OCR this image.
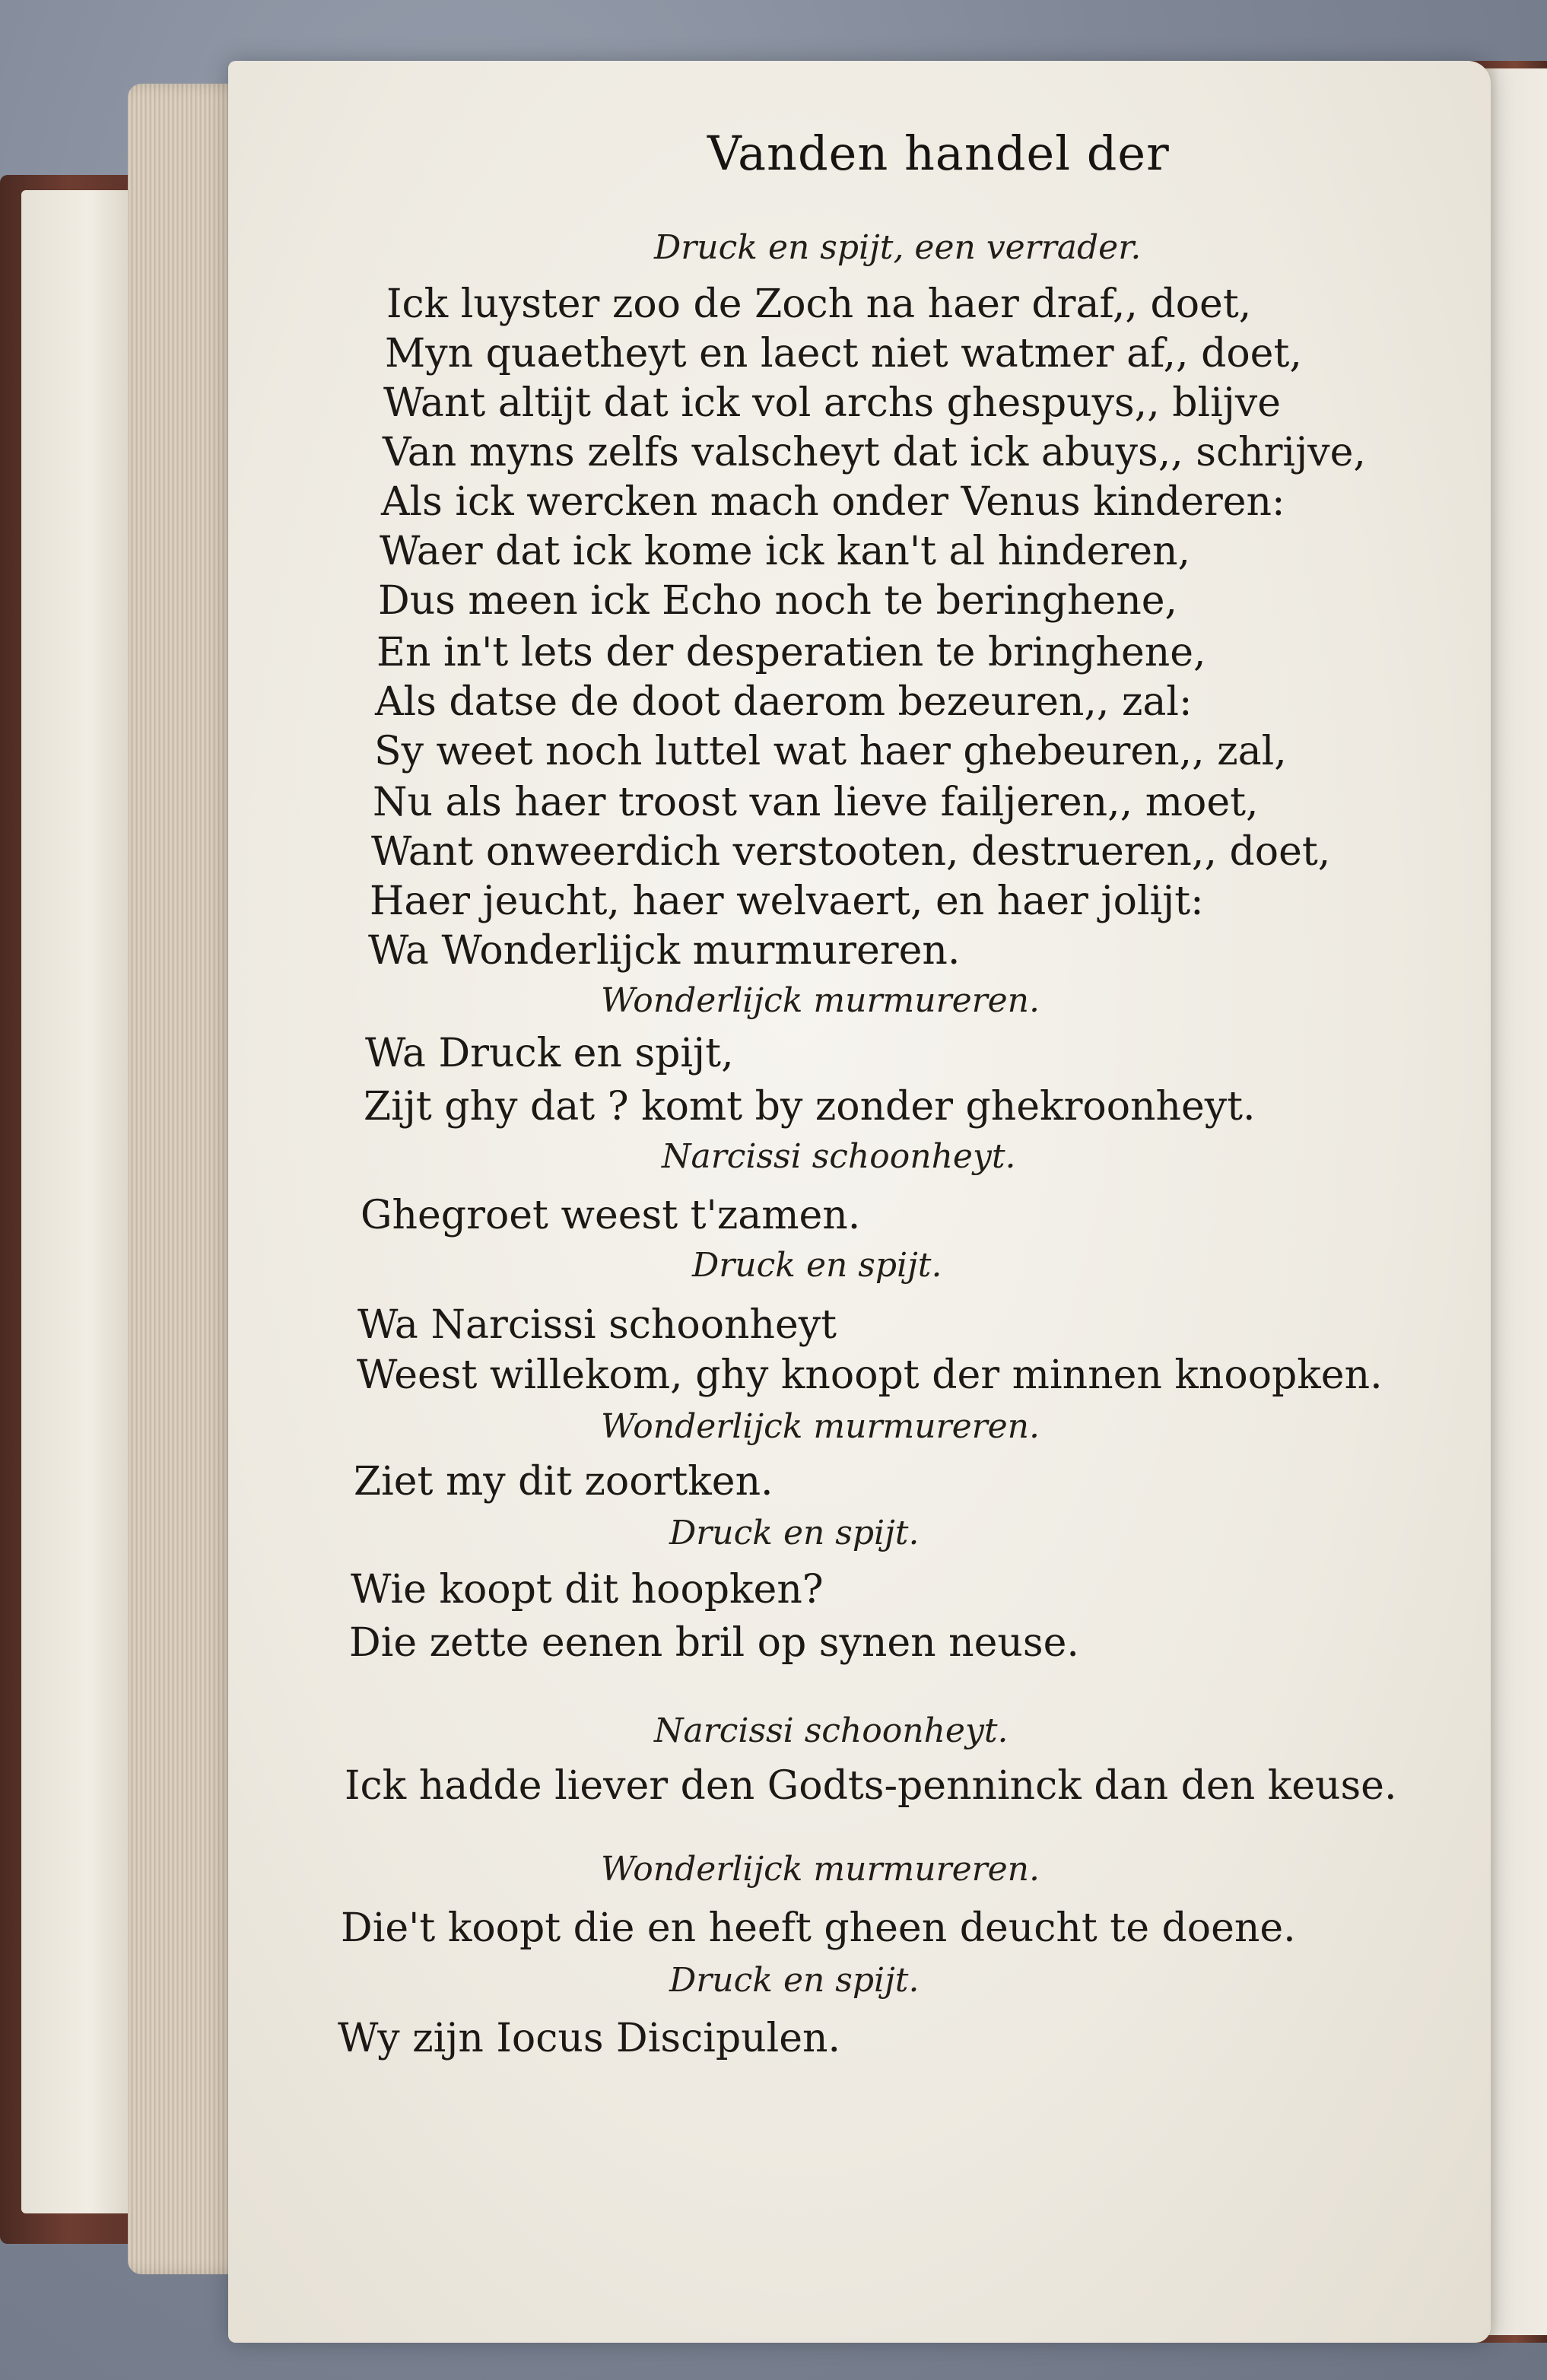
Vanden handel der
Druck en spijt, een verrader.
Ick luyster zoo de Zoch na haer draf,, doet,
Myn quaetheyt en laect niet watmer af,, doet,
Want altijt dat ick vol archs ghespuys,, blijve
Van myns zelfs valscheyt dat ick abuys,, schrijve,
Als ick wercken mach onder Venus kinderen:
Waer dat ick kome ick kan't al hinderen,
Dus meen ick Echo noch te beringhene,
En in't lets der desperatien te bringhene,
Als datse de doot daerom bezeuren,, zal:
Sy weet noch luttel wat haer ghebeuren,, zal,
Nu als haer troost van lieve failjeren,, moet,
Want onweerdich verstooten, destrueren,, doet,
Haer jeucht, haer welvaert, en haer jolijt:
Wa Wonderlijck murmureren.
Wonderlijck murmureren.
Wa Druck en spijt,
Zijt ghy dat ? komt by zonder ghekroonheyt.
Narcissi schoonheyt.
Ghegroet weest t'zamen.
Druck en spijt.
Wa Narcissi schoonheyt
Weest willekom, ghy knoopt der minnen knoopken.
Wonderlijck murmureren.
Ziet my dit zoortken.
Druck en spijt.
Wie koopt dit hoopken?
Die zette eenen bril op synen neuse.
Narcissi schoonheyt.
Ick hadde liever den Godts-penninck dan den keuse.
Wonderlijck murmureren.
Die't koopt die en heeft gheen deucht te doene.
Druck en spijt.
Wy zijn Iocus Discipulen.
